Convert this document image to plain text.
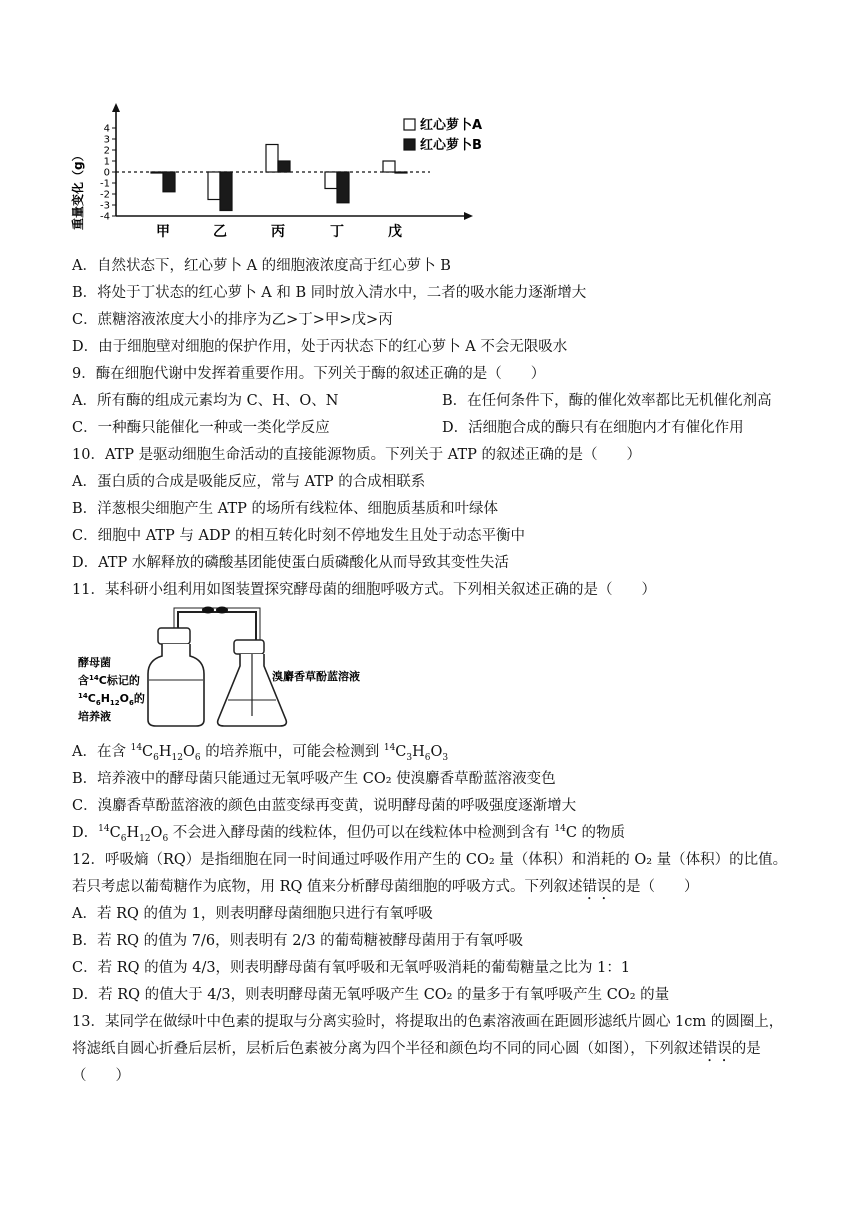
重量变化（g）
4
3
2
1
0
-1
-2
-3
-4
甲	乙	丙	丁	戊
红心萝卜A
红心萝卜B
A．自然状态下，红心萝卜 A 的细胞液浓度高于红心萝卜 B
B．将处于丁状态的红心萝卜 A 和 B 同时放入清水中，二者的吸水能力逐渐增大
C．蔗糖溶液浓度大小的排序为乙>丁>甲>戊>丙
D．由于细胞壁对细胞的保护作用，处于丙状态下的红心萝卜 A 不会无限吸水
9．酶在细胞代谢中发挥着重要作用。下列关于酶的叙述正确的是（　　）
A．所有酶的组成元素均为 C、H、O、N	B．在任何条件下，酶的催化效率都比无机催化剂高
C．一种酶只能催化一种或一类化学反应	D．活细胞合成的酶只有在细胞内才有催化作用
10．ATP 是驱动细胞生命活动的直接能源物质。下列关于 ATP 的叙述正确的是（　　）
A．蛋白质的合成是吸能反应，常与 ATP 的合成相联系
B．洋葱根尖细胞产生 ATP 的场所有线粒体、细胞质基质和叶绿体
C．细胞中 ATP 与 ADP 的相互转化时刻不停地发生且处于动态平衡中
D．ATP 水解释放的磷酸基团能使蛋白质磷酸化从而导致其变性失活
11．某科研小组利用如图装置探究酵母菌的细胞呼吸方式。下列相关叙述正确的是（　　）
酵母菌
含$^{14}$C标记的
$^{14}C_6H_{12}O_6$的
培养液
溴麝香草酚蓝溶液
A．在含 $^{14}C_6H_{12}O_6$ 的培养瓶中，可能会检测到 $^{14}C_3H_6O_3$
B．培养液中的酵母菌只能通过无氧呼吸产生 CO₂ 使溴麝香草酚蓝溶液变色
C．溴麝香草酚蓝溶液的颜色由蓝变绿再变黄，说明酵母菌的呼吸强度逐渐增大
D．$^{14}C_6H_{12}O_6$ 不会进入酵母菌的线粒体，但仍可以在线粒体中检测到含有 $^{14}$C 的物质
12．呼吸熵（RQ）是指细胞在同一时间通过呼吸作用产生的 CO₂ 量（体积）和消耗的 O₂ 量（体积）的比值。
若只考虑以葡萄糖作为底物，用 RQ 值来分析酵母菌细胞的呼吸方式。下列叙述错误的是（　　）
A．若 RQ 的值为 1，则表明酵母菌细胞只进行有氧呼吸
B．若 RQ 的值为 7/6，则表明有 2/3 的葡萄糖被酵母菌用于有氧呼吸
C．若 RQ 的值为 4/3，则表明酵母菌有氧呼吸和无氧呼吸消耗的葡萄糖量之比为 1：1
D．若 RQ 的值大于 4/3，则表明酵母菌无氧呼吸产生 CO₂ 的量多于有氧呼吸产生 CO₂ 的量
13．某同学在做绿叶中色素的提取与分离实验时，将提取出的色素溶液画在距圆形滤纸片圆心 1cm 的圆圈上，
将滤纸自圆心折叠后层析，层析后色素被分离为四个半径和颜色均不同的同心圆（如图），下列叙述错误的是
（　　）
